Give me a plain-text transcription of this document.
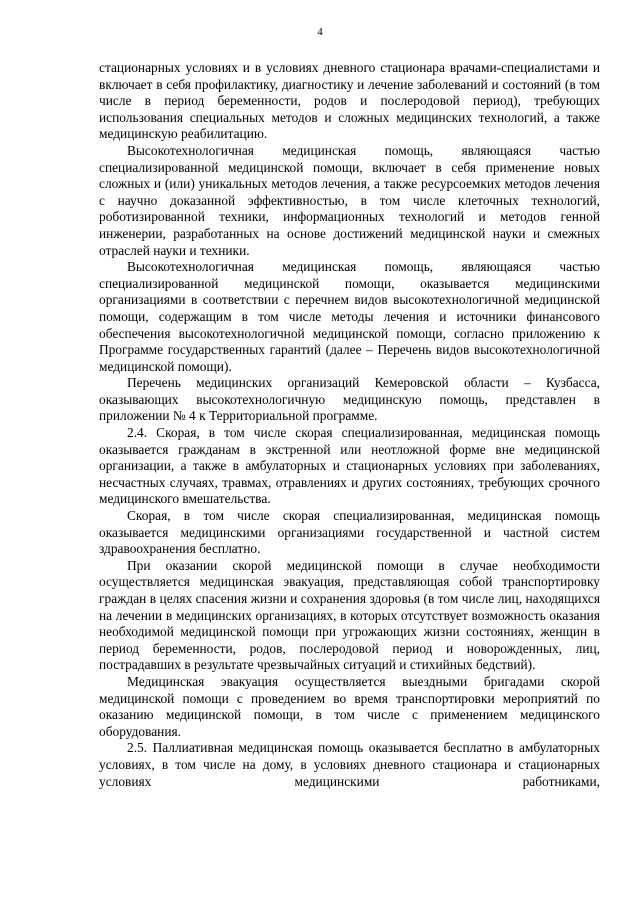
4

стационарных условиях и в условиях дневного стационара врачами-специалистами и включает в себя профилактику, диагностику и лечение заболеваний и состояний (в том числе в период беременности, родов и послеродовой период), требующих использования специальных методов и сложных медицинских технологий, а также медицинскую реабилитацию.

Высокотехнологичная медицинская помощь, являющаяся частью специализированной медицинской помощи, включает в себя применение новых сложных и (или) уникальных методов лечения, а также ресурсоемких методов лечения с научно доказанной эффективностью, в том числе клеточных технологий, роботизированной техники, информационных технологий и методов генной инженерии, разработанных на основе достижений медицинской науки и смежных отраслей науки и техники.

Высокотехнологичная медицинская помощь, являющаяся частью специализированной медицинской помощи, оказывается медицинскими организациями в соответствии с перечнем видов высокотехнологичной медицинской помощи, содержащим в том числе методы лечения и источники финансового обеспечения высокотехнологичной медицинской помощи, согласно приложению к Программе государственных гарантий (далее – Перечень видов высокотехнологичной медицинской помощи).

Перечень медицинских организаций Кемеровской области – Кузбасса, оказывающих высокотехнологичную медицинскую помощь, представлен в приложении № 4 к Территориальной программе.

2.4. Скорая, в том числе скорая специализированная, медицинская помощь оказывается гражданам в экстренной или неотложной форме вне медицинской организации, а также в амбулаторных и стационарных условиях при заболеваниях, несчастных случаях, травмах, отравлениях и других состояниях, требующих срочного медицинского вмешательства.

Скорая, в том числе скорая специализированная, медицинская помощь оказывается медицинскими организациями государственной и частной систем здравоохранения бесплатно.

При оказании скорой медицинской помощи в случае необходимости осуществляется медицинская эвакуация, представляющая собой транспортировку граждан в целях спасения жизни и сохранения здоровья (в том числе лиц, находящихся на лечении в медицинских организациях, в которых отсутствует возможность оказания необходимой медицинской помощи при угрожающих жизни состояниях, женщин в период беременности, родов, послеродовой период и новорожденных, лиц, пострадавших в результате чрезвычайных ситуаций и стихийных бедствий).

Медицинская эвакуация осуществляется выездными бригадами скорой медицинской помощи с проведением во время транспортировки мероприятий по оказанию медицинской помощи, в том числе с применением медицинского оборудования.

2.5. Паллиативная медицинская помощь оказывается бесплатно в амбулаторных условиях, в том числе на дому, в условиях дневного стационара и стационарных условиях медицинскими работниками,
